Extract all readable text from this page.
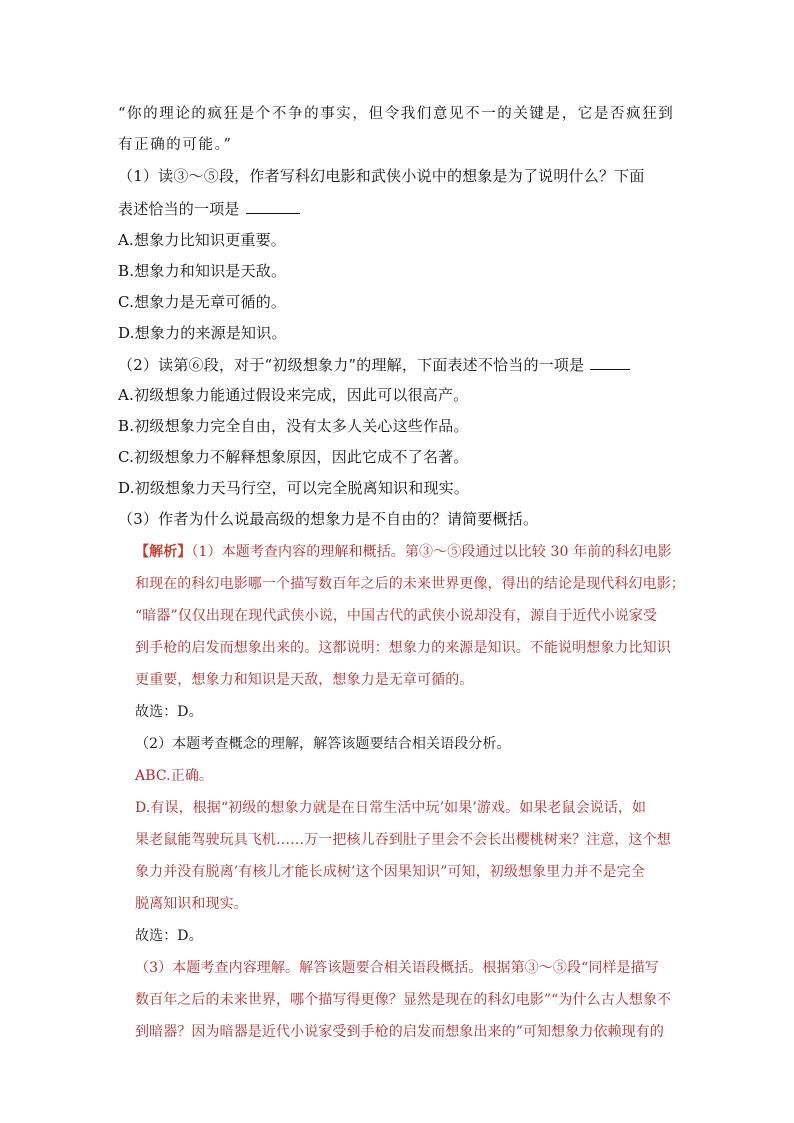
“你的理论的疯狂是个不争的事实，但令我们意见不一的关键是，它是否疯狂到
有正确的可能。”
（1）读③～⑤段，作者写科幻电影和武侠小说中的想象是为了说明什么？下面
表述恰当的一项是
A.想象力比知识更重要。
B.想象力和知识是天敌。
C.想象力是无章可循的。
D.想象力的来源是知识。
（2）读第⑥段，对于“初级想象力”的理解，下面表述不恰当的一项是
A.初级想象力能通过假设来完成，因此可以很高产。
B.初级想象力完全自由，没有太多人关心这些作品。
C.初级想象力不解释想象原因，因此它成不了名著。
D.初级想象力天马行空，可以完全脱离知识和现实。
（3）作者为什么说最高级的想象力是不自由的？请简要概括。
【解析】（1）本题考查内容的理解和概括。第③～⑤段通过以比较 30 年前的科幻电影
和现在的科幻电影哪一个描写数百年之后的未来世界更像，得出的结论是现代科幻电影；
“暗器”仅仅出现在现代武侠小说，中国古代的武侠小说却没有，源自于近代小说家受
到手枪的启发而想象出来的。这都说明：想象力的来源是知识。不能说明想象力比知识
更重要，想象力和知识是天敌，想象力是无章可循的。
故选：D。
（2）本题考查概念的理解，解答该题要结合相关语段分析。
ABC.正确。
D.有误，根据“初级的想象力就是在日常生活中玩’如果’游戏。如果老鼠会说话，如
果老鼠能驾驶玩具飞机……万一把核儿吞到肚子里会不会长出樱桃树来？注意，这个想
象力并没有脱离’有核儿才能长成树’这个因果知识”可知，初级想象里力并不是完全
脱离知识和现实。
故选：D。
（3）本题考查内容理解。解答该题要合相关语段概括。根据第③～⑤段“同样是描写
数百年之后的未来世界，哪个描写得更像？显然是现在的科幻电影”“为什么古人想象不
到暗器？因为暗器是近代小说家受到手枪的启发而想象出来的”可知想象力依赖现有的
